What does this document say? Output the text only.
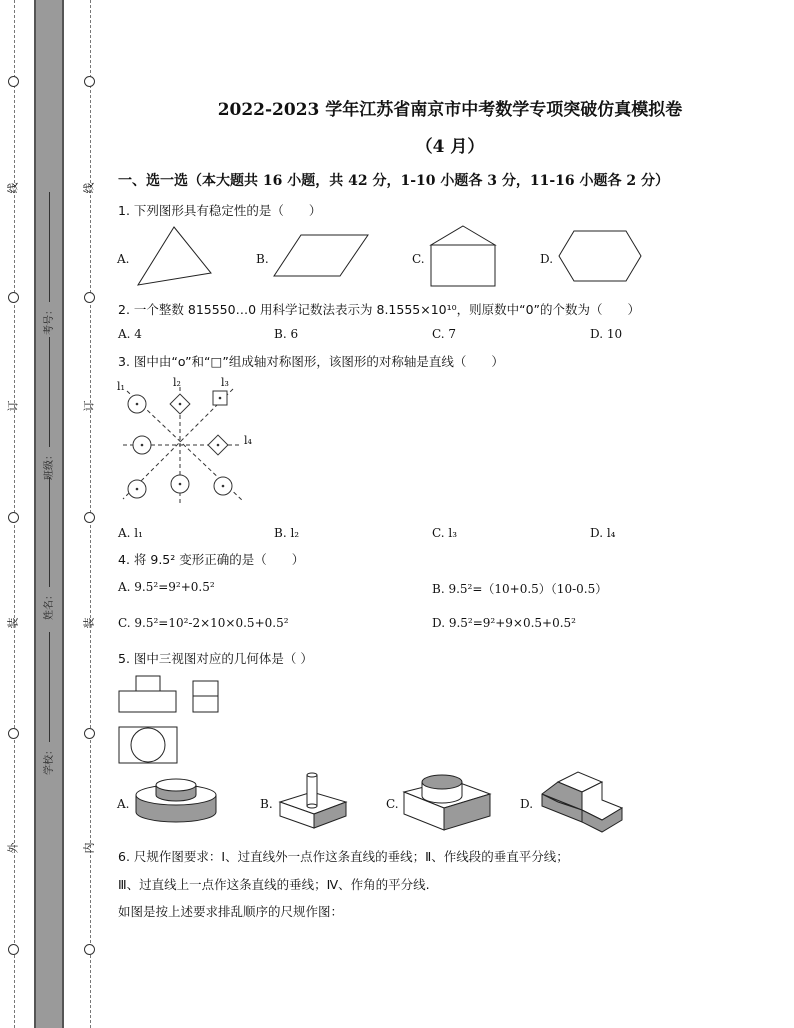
线
订
装
外
线
订
装
内
考号：
班级：
姓名：
学校：
2022-2023 学年江苏省南京市中考数学专项突破仿真模拟卷
（4 月）
一、选一选（本大题共 16 小题，共 42 分，1-10 小题各 3 分，11-16 小题各 2 分）
1. 下列图形具有稳定性的是（　　）
A.	B.	C.	D.
2. 一个整数 815550…0 用科学记数法表示为 8.1555×10¹⁰，则原数中“0”的个数为（　　）
A. 4	B. 6	C. 7	D. 10
3. 图中由“o”和“□”组成轴对称图形，该图形的对称轴是直线（　　）
l₁	l₂	l₃
l₄
A. l₁	B. l₂	C. l₃	D. l₄
4. 将 9.5² 变形正确的是（　　）
A. 9.5²=9²+0.5²	B. 9.5²=（10+0.5）（10-0.5）
C. 9.5²=10²-2×10×0.5+0.5²	D. 9.5²=9²+9×0.5+0.5²
5. 图中三视图对应的几何体是（ ）
A.	B.	C.	D.
6. 尺规作图要求：Ⅰ、过直线外一点作这条直线的垂线；Ⅱ、作线段的垂直平分线；
Ⅲ、过直线上一点作这条直线的垂线；Ⅳ、作角的平分线.
如图是按上述要求排乱顺序的尺规作图：
